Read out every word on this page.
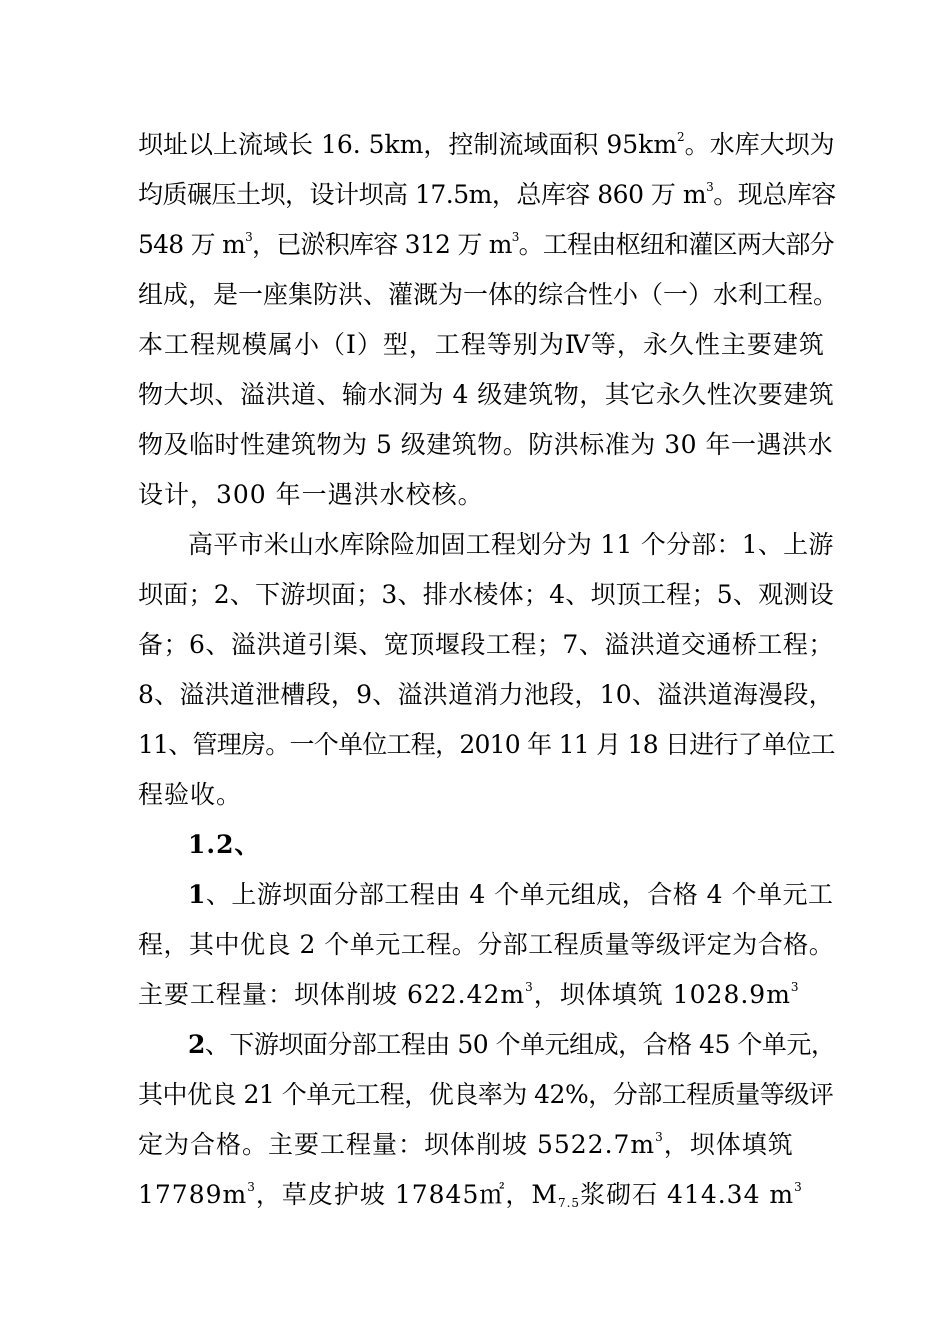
坝址以上流域长 16. 5km，控制流域面积 $95km^2$。水库大坝为
均质碾压土坝，设计坝高 17.5m，总库容 860 万 $m^3$。现总库容
548 万 $m^3$，已淤积库容 312 万 $m^3$。工程由枢纽和灌区两大部分
组成，是一座集防洪、灌溉为一体的综合性小（一）水利工程。
本工程规模属小（Ⅰ）型，工程等别为Ⅳ等，永久性主要建筑
物大坝、溢洪道、输水洞为 4 级建筑物，其它永久性次要建筑
物及临时性建筑物为 5 级建筑物。防洪标准为 30 年一遇洪水
设计，300 年一遇洪水校核。
高平市米山水库除险加固工程划分为 11 个分部：1、上游
坝面；2、下游坝面；3、排水棱体；4、坝顶工程；5、观测设
备；6、溢洪道引渠、宽顶堰段工程；7、溢洪道交通桥工程；
8、溢洪道泄槽段，9、溢洪道消力池段，10、溢洪道海漫段，
11、管理房。一个单位工程，2010 年 11 月 18 日进行了单位工
程验收。
1.2、
1、上游坝面分部工程由 4 个单元组成，合格 4 个单元工
程，其中优良 2 个单元工程。分部工程质量等级评定为合格。
主要工程量：坝体削坡 $622.42m^3$，坝体填筑 $1028.9m^3$
2、下游坝面分部工程由 50 个单元组成，合格 45 个单元，
其中优良 21 个单元工程，优良率为 42%，分部工程质量等级评
定为合格。主要工程量：坝体削坡 $5522.7m^3$，坝体填筑
$17789m^3$，草皮护坡 17845㎡，$M_{7.5}$浆砌石 414.34 $m^3$
